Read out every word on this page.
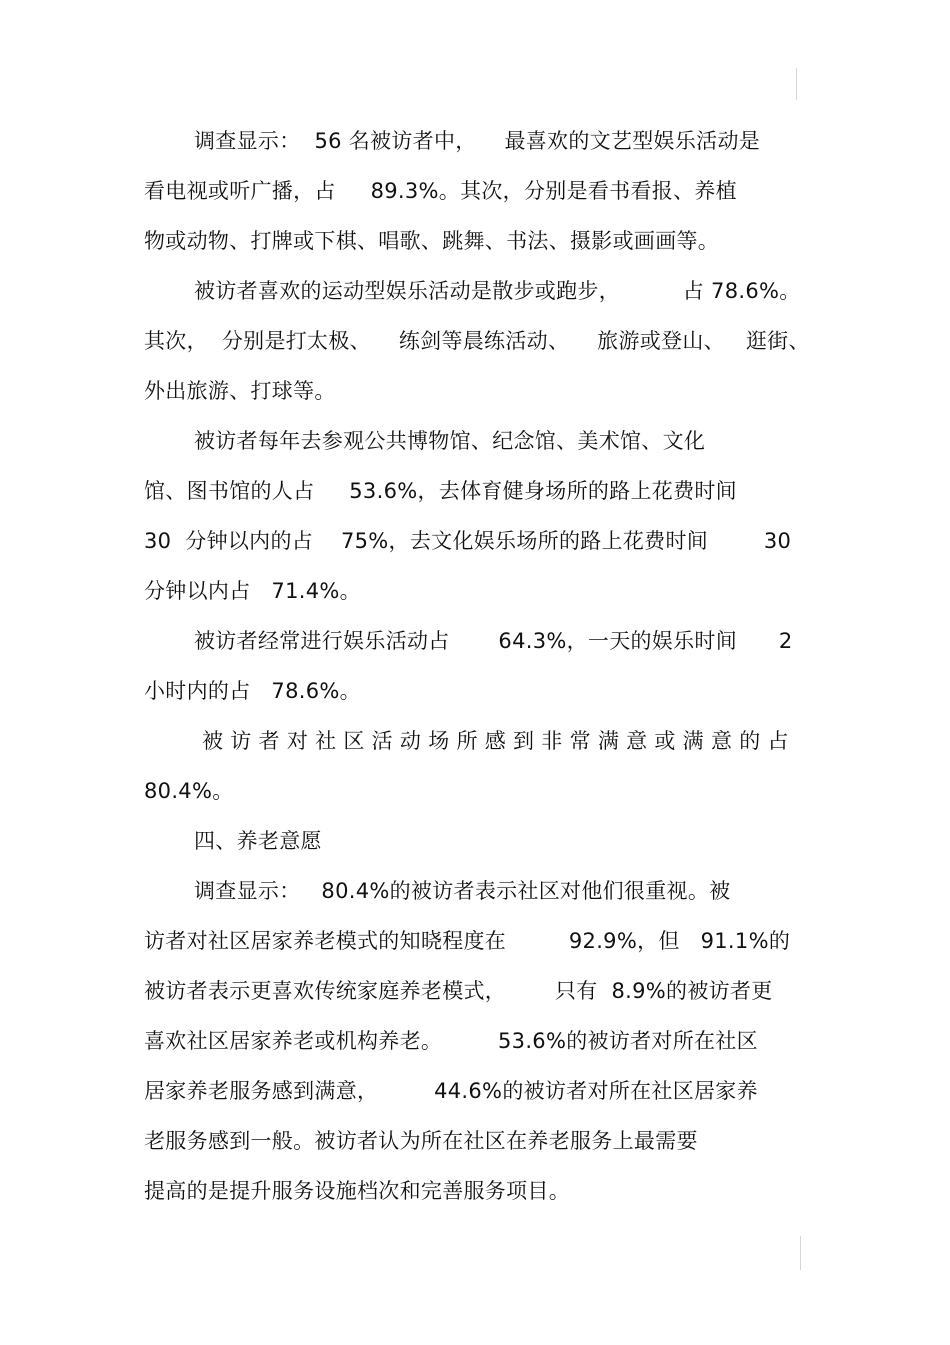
调查显示：  56 名被访者中，    最喜欢的文艺型娱乐活动是
看电视或听广播，占     89.3%。其次，分别是看书看报、养植
物或动物、打牌或下棋、唱歌、跳舞、书法、摄影或画画等。
被访者喜欢的运动型娱乐活动是散步或跑步，         占 78.6%。
其次，  分别是打太极、    练剑等晨练活动、    旅游或登山、   逛街、
外出旅游、打球等。
被访者每年去参观公共博物馆、纪念馆、美术馆、文化
馆、图书馆的人占     53.6%，去体育健身场所的路上花费时间
30  分钟以内的占    75%，去文化娱乐场所的路上花费时间        30
分钟以内占   71.4%。
被访者经常进行娱乐活动占       64.3%，一天的娱乐时间      2
小时内的占   78.6%。
被 访 者 对 社 区 活 动 场 所 感 到 非 常 满 意 或 满 意 的 占
80.4%。
四、养老意愿
调查显示：   80.4%的被访者表示社区对他们很重视。被
访者对社区居家养老模式的知晓程度在         92.9%，但   91.1%的
被访者表示更喜欢传统家庭养老模式，       只有  8.9%的被访者更
喜欢社区居家养老或机构养老。        53.6%的被访者对所在社区
居家养老服务感到满意，        44.6%的被访者对所在社区居家养
老服务感到一般。被访者认为所在社区在养老服务上最需要
提高的是提升服务设施档次和完善服务项目。
